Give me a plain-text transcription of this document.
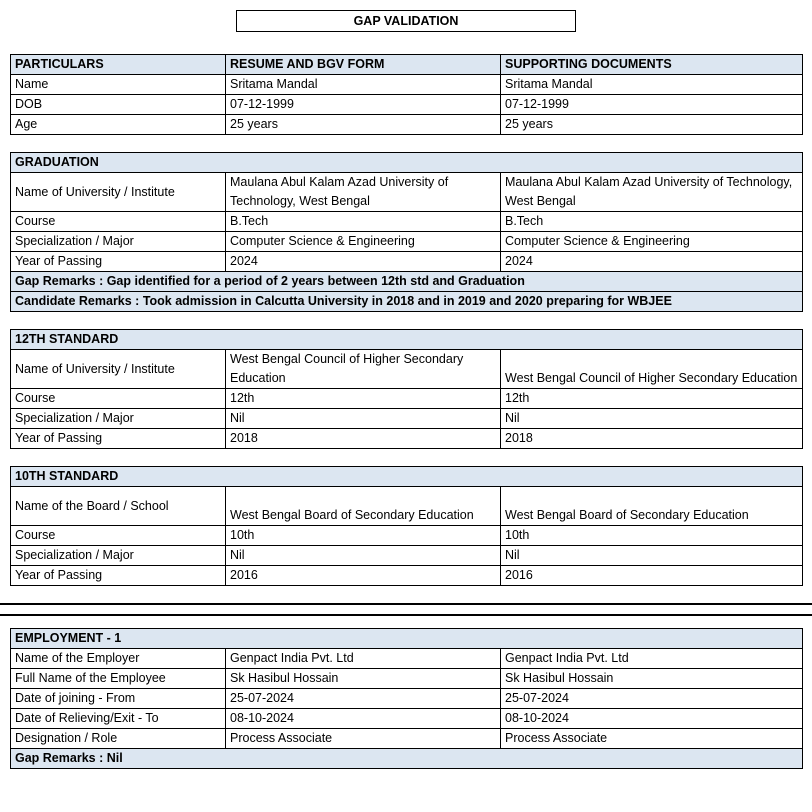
GAP VALIDATION
PARTICULARS	RESUME AND BGV FORM	SUPPORTING DOCUMENTS
Name	Sritama Mandal	Sritama Mandal
DOB	07-12-1999	07-12-1999
Age	25 years	25 years
GRADUATION		
Name of University / Institute	Maulana Abul Kalam Azad University of Technology, West Bengal	Maulana Abul Kalam Azad University of Technology, West Bengal
Course	B.Tech	B.Tech
Specialization / Major	Computer Science & Engineering	Computer Science & Engineering
Year of Passing	2024	2024
Gap Remarks : Gap identified for a period of 2 years between 12th std and Graduation		
Candidate Remarks : Took admission in Calcutta University in 2018 and in 2019 and 2020 preparing for WBJEE		
12TH STANDARD		
Name of University / Institute	West Bengal Council of Higher Secondary Education	West Bengal Council of Higher Secondary Education
Course	12th	12th
Specialization / Major	Nil	Nil
Year of Passing	2018	2018
10TH STANDARD		
Name of the Board / School	West Bengal Board of Secondary Education	West Bengal Board of Secondary Education
Course	10th	10th
Specialization / Major	Nil	Nil
Year of Passing	2016	2016
EMPLOYMENT - 1		
Name of the Employer	Genpact India Pvt. Ltd	Genpact India Pvt. Ltd
Full Name of the Employee	Sk Hasibul Hossain	Sk Hasibul Hossain
Date of joining - From	25-07-2024	25-07-2024
Date of Relieving/Exit - To	08-10-2024	08-10-2024
Designation / Role	Process Associate	Process Associate
Gap Remarks : Nil		
